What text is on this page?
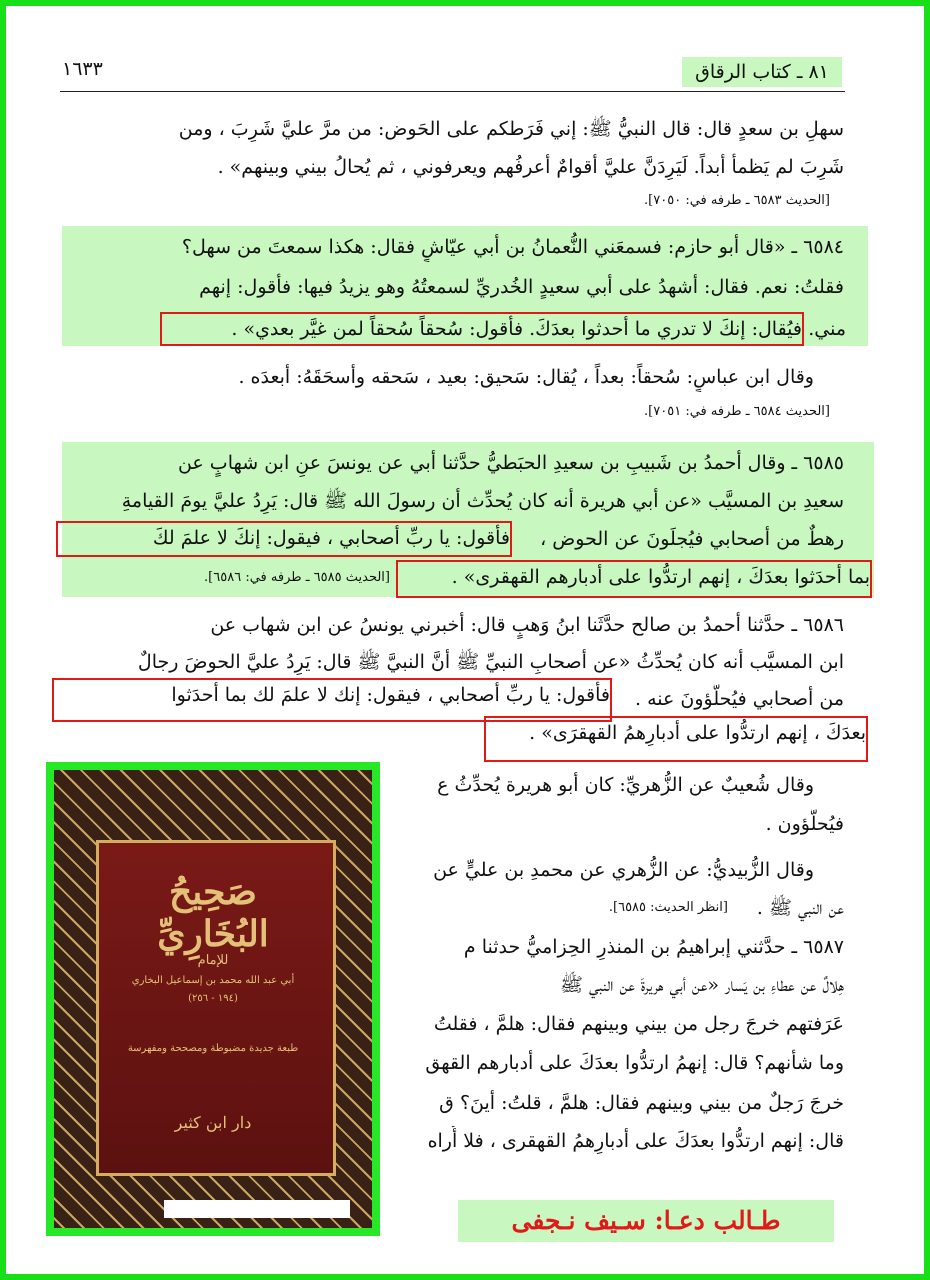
٨١ ـ كتاب الرقاق
١٦٣٣
سهلِ بن سعدٍ قال: قال النبيُّ ﷺ: إني فَرَطكم على الحَوض: من مرَّ عليَّ شَرِبَ ، ومن
شَرِبَ لم يَظمأْ أبداً. لَيَرِدَنَّ عليَّ أقوامٌ أعرفُهم ويعرفوني ، ثم يُحالُ بيني وبينهم» .
[الحديث ٦٥٨٣ ـ طرفه في: ٧٠٥٠].
٦٥٨٤ ـ «قال أبو حازم: فسمعَني النُّعمانُ بن أبي عيّاشٍ فقال: هكذا سمعتَ من سهل؟
فقلتُ: نعم. فقال: أشهدُ على أبي سعيدٍ الخُدريِّ لسمعتُهُ وهو يزيدُ فيها: فأقول: إنهم
فيُقال: إنكَ لا تدري ما أحدثوا بعدَكَ. فأقول: سُحقاً سُحقاً لمن غيَّر بعدي» . مني.
وقال ابن عباسٍ: سُحقاً: بعداً ، يُقال: سَحيق: بعيد ، سَحقه وأسحَقَهُ: أبعدَه .
[الحديث ٦٥٨٤ ـ طرفه في: ٧٠٥١].
٦٥٨٥ ـ وقال أحمدُ بن شَبيبِ بن سعيدِ الحبَطيُّ حدَّثنا أبي عن يونسَ عنِ ابن شهابٍ عن
سعيدِ بن المسيَّب «عن أبي هريرة أنه كان يُحدِّث أن رسولَ الله ﷺ قال: يَرِدُ عليَّ يومَ القيامةِ
فأقول: يا ربِّ أصحابي ، فيقول: إنكَ لا علمَ لكَ	رهطٌ من أصحابي فيُجلَونَ عن الحوض ،
بما أحدَثوا بعدَكَ ، إنهم ارتدُّوا على أدبارهم القهقرى» .
[الحديث ٦٥٨٥ ـ طرفه في: ٦٥٨٦].
٦٥٨٦ ـ حدَّثنا أحمدُ بن صالح حدَّثَنا ابنُ وَهبٍ قال: أخبرني يونسُ عن ابن شهاب عن
ابن المسيَّب أنه كان يُحدِّثُ «عن أصحابِ النبيِّ ﷺ أنَّ النبيَّ ﷺ قال: يَرِدُ عليَّ الحوضَ رجالٌ
من أصحابي فيُحلَّؤونَ عنه .
فأقول: يا ربِّ أصحابي ، فيقول: إنك لا علمَ لك بما أحدَثوا
بعدَكَ ، إنهم ارتدُّوا على أدبارِهمُ القهقرَى» .
وقال شُعيبٌ عن الزُّهريِّ: كان أبو هريرة يُحدِّثُ ع
فيُحلَّؤون .
وقال الزُّبيديُّ: عن الزُّهري عن محمدِ بن عليٍّ عن
عن النبي ﷺ .
[انظر الحديث: ٦٥٨٥].
٦٥٨٧ ـ حدَّثني إبراهيمُ بن المنذرِ الحِزاميُّ حدثنا م
هِلالٌ عن عطاءِ بن يَسار «عن أبي هريرةَ عن النبي ﷺ
عَرَفتهم خرجَ رجل من بيني وبينهم فقال: هلمَّ ، فقلتُ
وما شأنهم؟ قال: إنهمُ ارتدُّوا بعدَكَ على أدبارهم القهق
خرجَ رَجلٌ من بيني وبينهم فقال: هلمَّ ، قلتُ: أينَ؟ ق
قال: إنهم ارتدُّوا بعدَكَ على أدبارِهمُ القهقرى ، فلا أُراه
صَحِيحُ البُخَارِيِّ
للإمام
أبي عبد الله محمد بن إسماعيل البخاري
(١٩٤ - ٢٥٦)
طبعة جديدة مضبوطة ومصححة ومفهرسة
دار ابن كثير
طـالب دعـا: سـيف نـجفى
